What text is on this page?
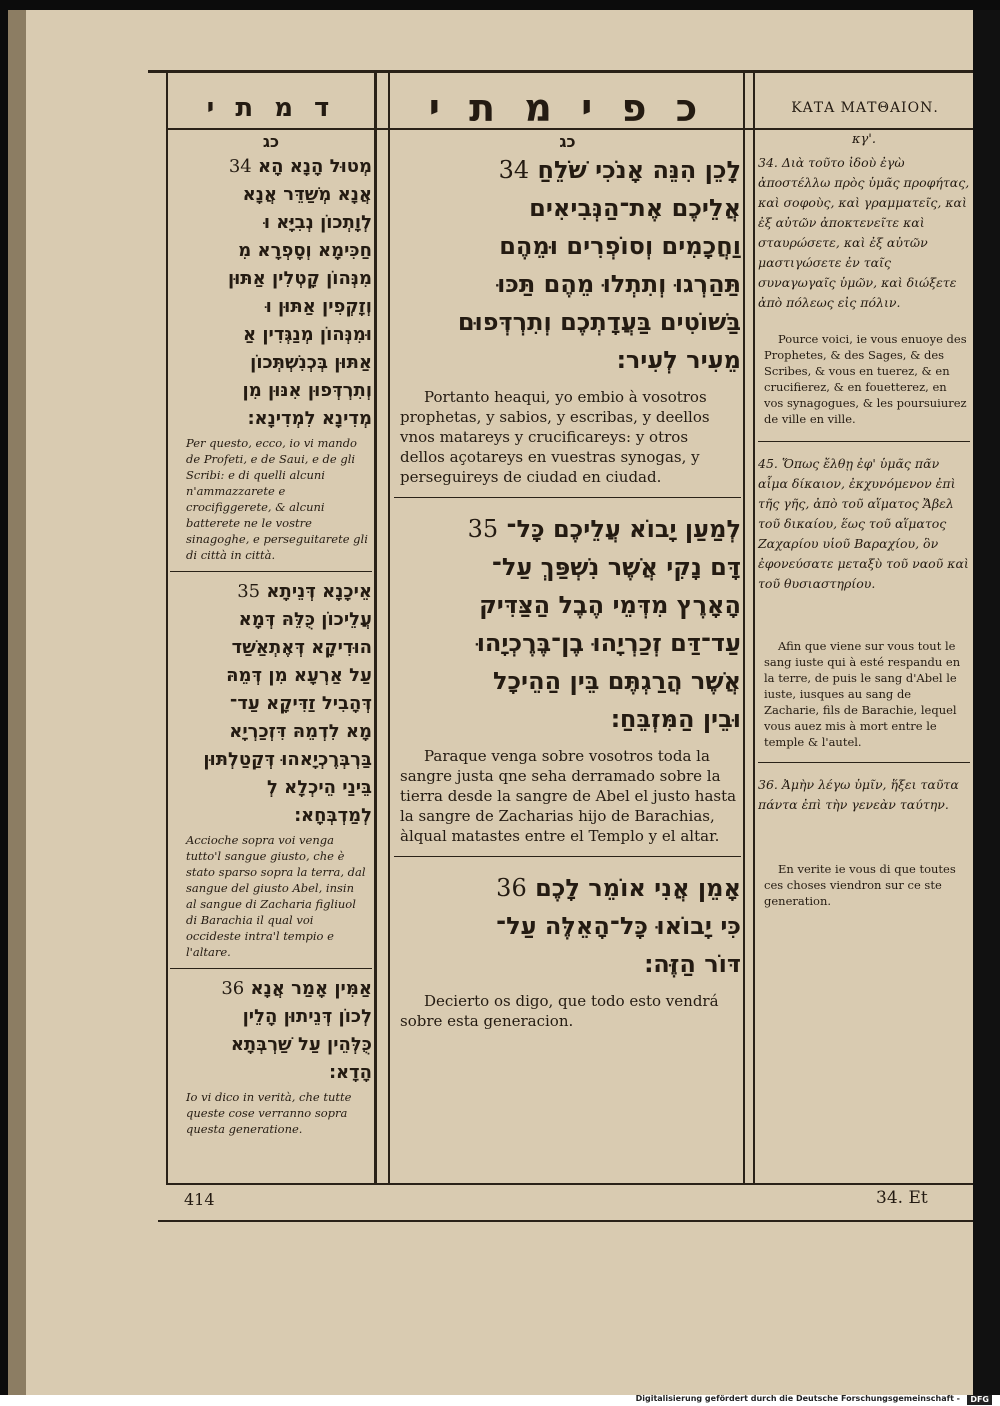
ד מ ת י	כ פ י מ ת י	ΚΑΤΑ ΜΑΤΘΑΙΟΝ.
כג
מְטוּל הָנָא הָא 34
אֲנָא מְשַׁדֵּר אֲנָא
לְוָתְכוֹן נְבִיָּא וּ
חַכִּימָא וְסָפְרָא מִ
מִנְּהוֹן קָטְלִין אַתּוּן
וְזָקְפִין אַתּוּן וּ
וּמִנְּהוֹן מְנַגְּדִין אַ
אַתּוּן בְּכְנִשְׁתְּכוֹן
וְתִרְדְּפוּן אִנּוּן מִן
מְדִינָא לִמְדִינָא׃
Per questo, ecco, io vi mando de Profeti, e de Saui, e de gli Scribi: e di quelli alcuni n'ammazzarete e crocifiggerete, & alcuni batterete ne le vostre sinagoghe, e perseguitarete gli di città in città.
אֵיכָנָא דְּנֵיתָא 35
עֲלֵיכוֹן כֻּלֵּהּ דְּמָא
הוּדִיקָא דְּאֶתְאַשַׁד
עַל אַרְעָא מִן דְּמֵהּ
דְּהָבִיל זַדִּיקָא עַד־
מָא לִדְמֵהּ דִּזְכַרְיָא
בַּרְבְּרֶכְיָאהוּ דְּקַטַלְתּוּן
בֵּינַי הֵיכְלָא לְ
לְמַדְבְּחָא׃
Accioche sopra voi venga tutto'l sangue giusto, che è stato sparso sopra la terra, dal sangue del giusto Abel, insin al sangue di Zacharia figliuol di Barachia il qual voi occideste intra'l tempio e l'altare.
אַמִּין אָמַר אֲנָא 36
לְכוֹן דְּנֵיתוּן הָלֵין
כֻּלְּהֵין עַל שַׁרְבְּתָא
הָדָא׃
Io vi dico in verità, che tutte queste cose verranno sopra questa generatione.
כג
לָכֵן הִנֵּה אָנֹכִי שֹׁלֵחַ 34
אֲלֵיכֶם אֶת־הַנְּבִיאִים
וַחֲכָמִים וְסוֹפְרִים וּמֵהֶם
תַּהַרְגוּ וְתִתְלוּ מֵהֶם תַּכּוּ
בַּשׁוֹטִים בַּעֲדָתְכֶם וְתִרְדְּפוּם
מֵעִיר לְעִיר׃
Portanto heaqui, yo embio à vosotros prophetas, y sabios, y escribas, y deellos vnos matareys y crucificareys: y otros dellos açotareys en vuestras synogas, y perseguireys de ciudad en ciudad.
לְמַעַן יָבוֹא עֲלֵיכֶם כָּל־ 35
דָּם נָקִי אֲשֶׁר נִשְׁפַּךְ עַל־
הָאָרֶץ מִדְּמֵי הֶבֶל הַצַּדִּיק
עַד־דַּם זְכַרְיָהוּ בֶן־בֶּרֶכְיָהוּ
אֲשֶׁר הֲרַגְתֶּם בֵּין הַהֵיכָל
וּבֵין הַמִּזְבֵּחַ׃
Paraque venga sobre vosotros toda la sangre justa qne seha derramado sobre la tierra desde la sangre de Abel el justo hasta la sangre de Zacharias hijo de Barachias, àlqual matastes entre el Templo y el altar.
אָמֵן אֲנִי אוֹמֵר לָכֶם 36
כִּי יָבוֹאוּ כָּל־הָאֵלֶּה עַל־
דּוֹר הַזֶּה׃
Decierto os digo, que todo esto vendrá sobre esta generacion.
κγ'.
34. Διὰ τοῦτο ἰδοὺ ἐγὼ ἀποστέλλω πρὸς ὑμᾶς προφήτας, καὶ σοφοὺς, καὶ γραμματεῖς, καὶ ἐξ αὐτῶν ἀποκτενεῖτε καὶ σταυρώσετε, καὶ ἐξ αὐτῶν μαστιγώσετε ἐν ταῖς συναγωγαῖς ὑμῶν, καὶ διώξετε ἀπὸ πόλεως εἰς πόλιν.
Pource voici, ie vous enuoye des Prophetes, & des Sages, & des Scribes, & vous en tuerez, & en crucifierez, & en fouetterez, en vos synagogues, & les poursuiurez de ville en ville.
45. Ὅπως ἔλθῃ ἐφ' ὑμᾶς πᾶν αἷμα δίκαιον, ἐκχυνόμενον ἐπὶ τῆς γῆς, ἀπὸ τοῦ αἵματος Ἄβελ τοῦ δικαίου, ἕως τοῦ αἵματος Ζαχαρίου υἱοῦ Βαραχίου, ὃν ἐφονεύσατε μεταξὺ τοῦ ναοῦ καὶ τοῦ θυσιαστηρίου.
Afin que viene sur vous tout le sang iuste qui à esté respandu en la terre, de puis le sang d'Abel le iuste, iusques au sang de Zacharie, fils de Barachie, lequel vous auez mis à mort entre le temple & l'autel.
36. Ἀμὴν λέγω ὑμῖν, ἥξει ταῦτα πάντα ἐπὶ τὴν γενεὰν ταύτην.
En verite ie vous di que toutes ces choses viendron sur ce ste generation.
414	34. Et
Digitalisierung gefördert durch die Deutsche Forschungsgemeinschaft -	DFG
